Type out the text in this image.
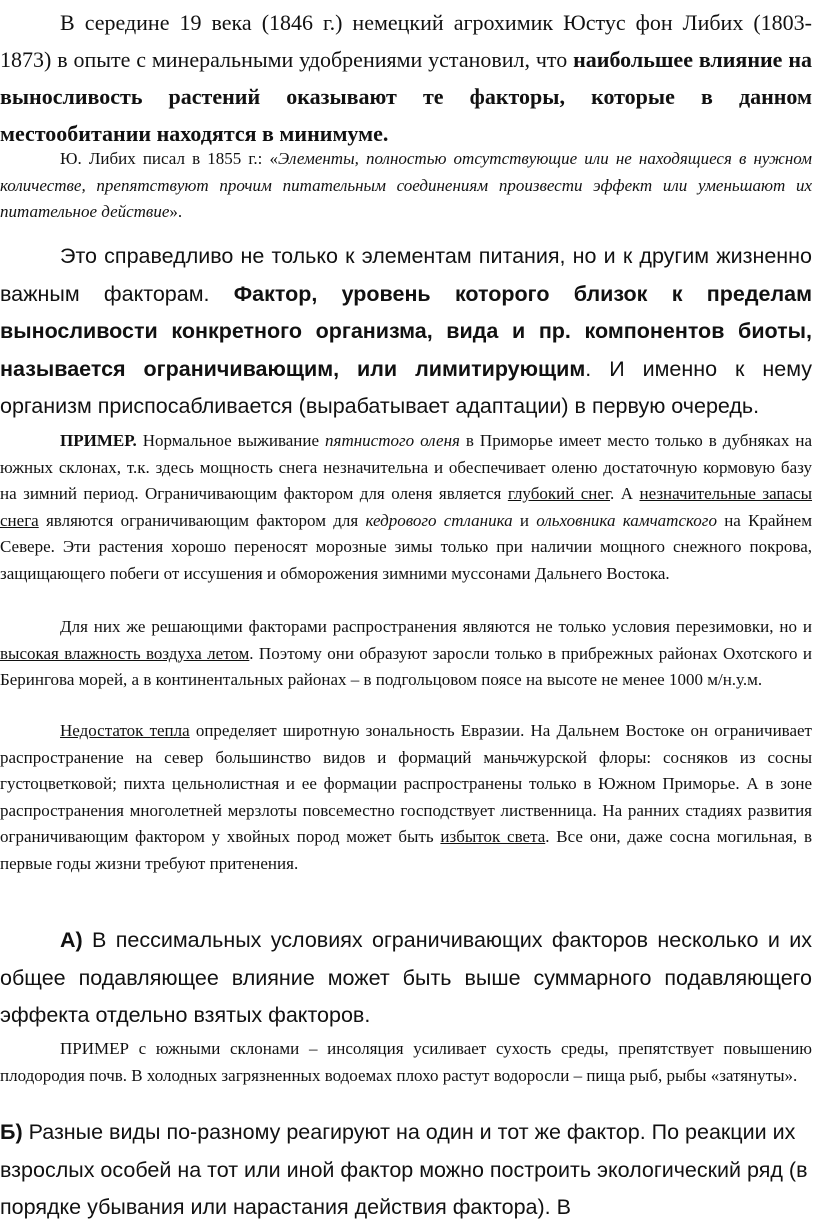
В середине 19 века (1846 г.) немецкий агрохимик Юстус фон Либих (1803-1873) в опыте с минеральными удобрениями установил, что наибольшее влияние на выносливость растений оказывают те факторы, которые в данном местообитании находятся в минимуме.

Ю. Либих писал в 1855 г.: «Элементы, полностью отсутствующие или не находящиеся в нужном количестве, препятствуют прочим питательным соединениям произвести эффект или уменьшают их питательное действие».

Это справедливо не только к элементам питания, но и к другим жизненно важным факторам. Фактор, уровень которого близок к пределам выносливости конкретного организма, вида и пр. компонентов биоты, называется ограничивающим, или лимитирующим. И именно к нему организм приспосабливается (вырабатывает адаптации) в первую очередь.

ПРИМЕР. Нормальное выживание пятнистого оленя в Приморье имеет место только в дубняках на южных склонах, т.к. здесь мощность снега незначительна и обеспечивает оленю достаточную кормовую базу на зимний период. Ограничивающим фактором для оленя является глубокий снег. А незначительные запасы снега являются ограничивающим фактором для кедрового стланика и ольховника камчатского на Крайнем Севере. Эти растения хорошо переносят морозные зимы только при наличии мощного снежного покрова, защищающего побеги от иссушения и обморожения зимними муссонами Дальнего Востока.

Для них же решающими факторами распространения являются не только условия перезимовки, но и высокая влажность воздуха летом. Поэтому они образуют заросли только в прибрежных районах Охотского и Берингова морей, а в континентальных районах – в подгольцовом поясе на высоте не менее 1000 м/н.у.м.

Недостаток тепла определяет широтную зональность Евразии. На Дальнем Востоке он ограничивает распространение на север большинство видов и формаций маньчжурской флоры: сосняков из сосны густоцветковой; пихта цельнолистная и ее формации распространены только в Южном Приморье. А в зоне распространения многолетней мерзлоты повсеместно господствует лиственница. На ранних стадиях развития ограничивающим фактором у хвойных пород может быть избыток света. Все они, даже сосна могильная, в первые годы жизни требуют притенения.

А) В пессимальных условиях ограничивающих факторов несколько и их общее подавляющее влияние может быть выше суммарного подавляющего эффекта отдельно взятых факторов.

ПРИМЕР с южными склонами – инсоляция усиливает сухость среды, препятствует повышению плодородия почв. В холодных загрязненных водоемах плохо растут водоросли – пища рыб, рыбы «затянуты».

Б) Разные виды по-разному реагируют на один и тот же фактор. По реакции их взрослых особей на тот или иной фактор можно построить экологический ряд (в порядке убывания или нарастания действия фактора). В
